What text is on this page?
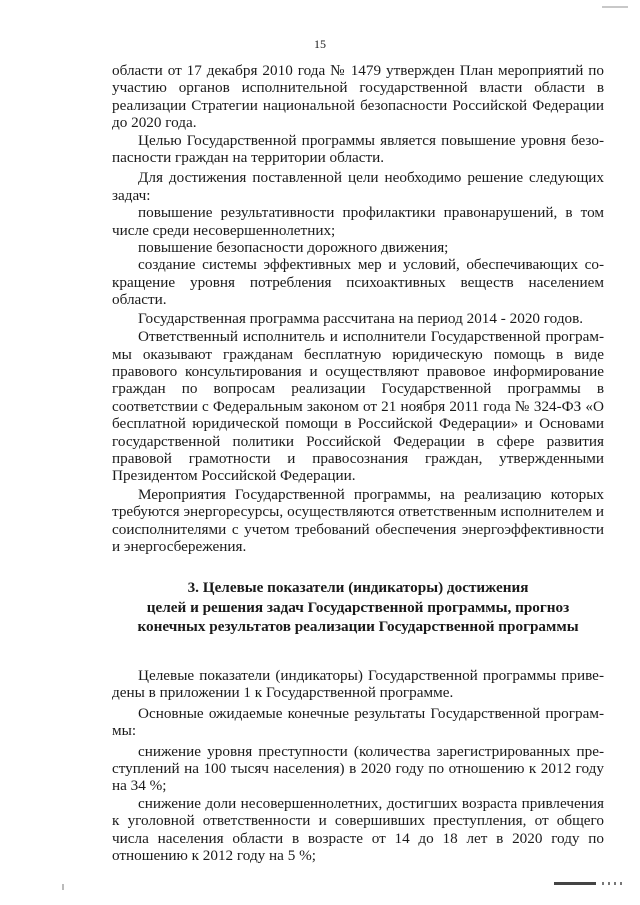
15

области от 17 декабря 2010 года № 1479 утвержден План мероприятий по участию органов исполнительной государственной власти области в реализации Стратегии национальной безопасности Российской Федерации до 2020 года.

Целью Государственной программы является повышение уровня безопасности граждан на территории области.

Для достижения поставленной цели необходимо решение следующих задач:

повышение результативности профилактики правонарушений, в том числе среди несовершеннолетних;

повышение безопасности дорожного движения;

создание системы эффективных мер и условий, обеспечивающих сокращение уровня потребления психоактивных веществ населением области.

Государственная программа рассчитана на период 2014 - 2020 годов.

Ответственный исполнитель и исполнители Государственной программы оказывают гражданам бесплатную юридическую помощь в виде правового консультирования и осуществляют правовое информирование граждан по вопросам реализации Государственной программы в соответствии с Федеральным законом от 21 ноября 2011 года № 324-ФЗ «О бесплатной юридической помощи в Российской Федерации» и Основами государственной политики Российской Федерации в сфере развития правовой грамотности и правосознания граждан, утвержденными Президентом Российской Федерации.

Мероприятия Государственной программы, на реализацию которых требуются энергоресурсы, осуществляются ответственным исполнителем и соисполнителями с учетом требований обеспечения энергоэффективности и энергосбережения.

3. Целевые показатели (индикаторы) достижения
целей и решения задач Государственной программы, прогноз
конечных результатов реализации Государственной программы

Целевые показатели (индикаторы) Государственной программы приведены в приложении 1 к Государственной программе.

Основные ожидаемые конечные результаты Государственной программы:

снижение уровня преступности (количества зарегистрированных преступлений на 100 тысяч населения) в 2020 году по отношению к 2012 году на 34 %;

снижение доли несовершеннолетних, достигших возраста привлечения к уголовной ответственности и совершивших преступления, от общего числа населения области в возрасте от 14 до 18 лет в 2020 году по отношению к 2012 году на 5 %;
